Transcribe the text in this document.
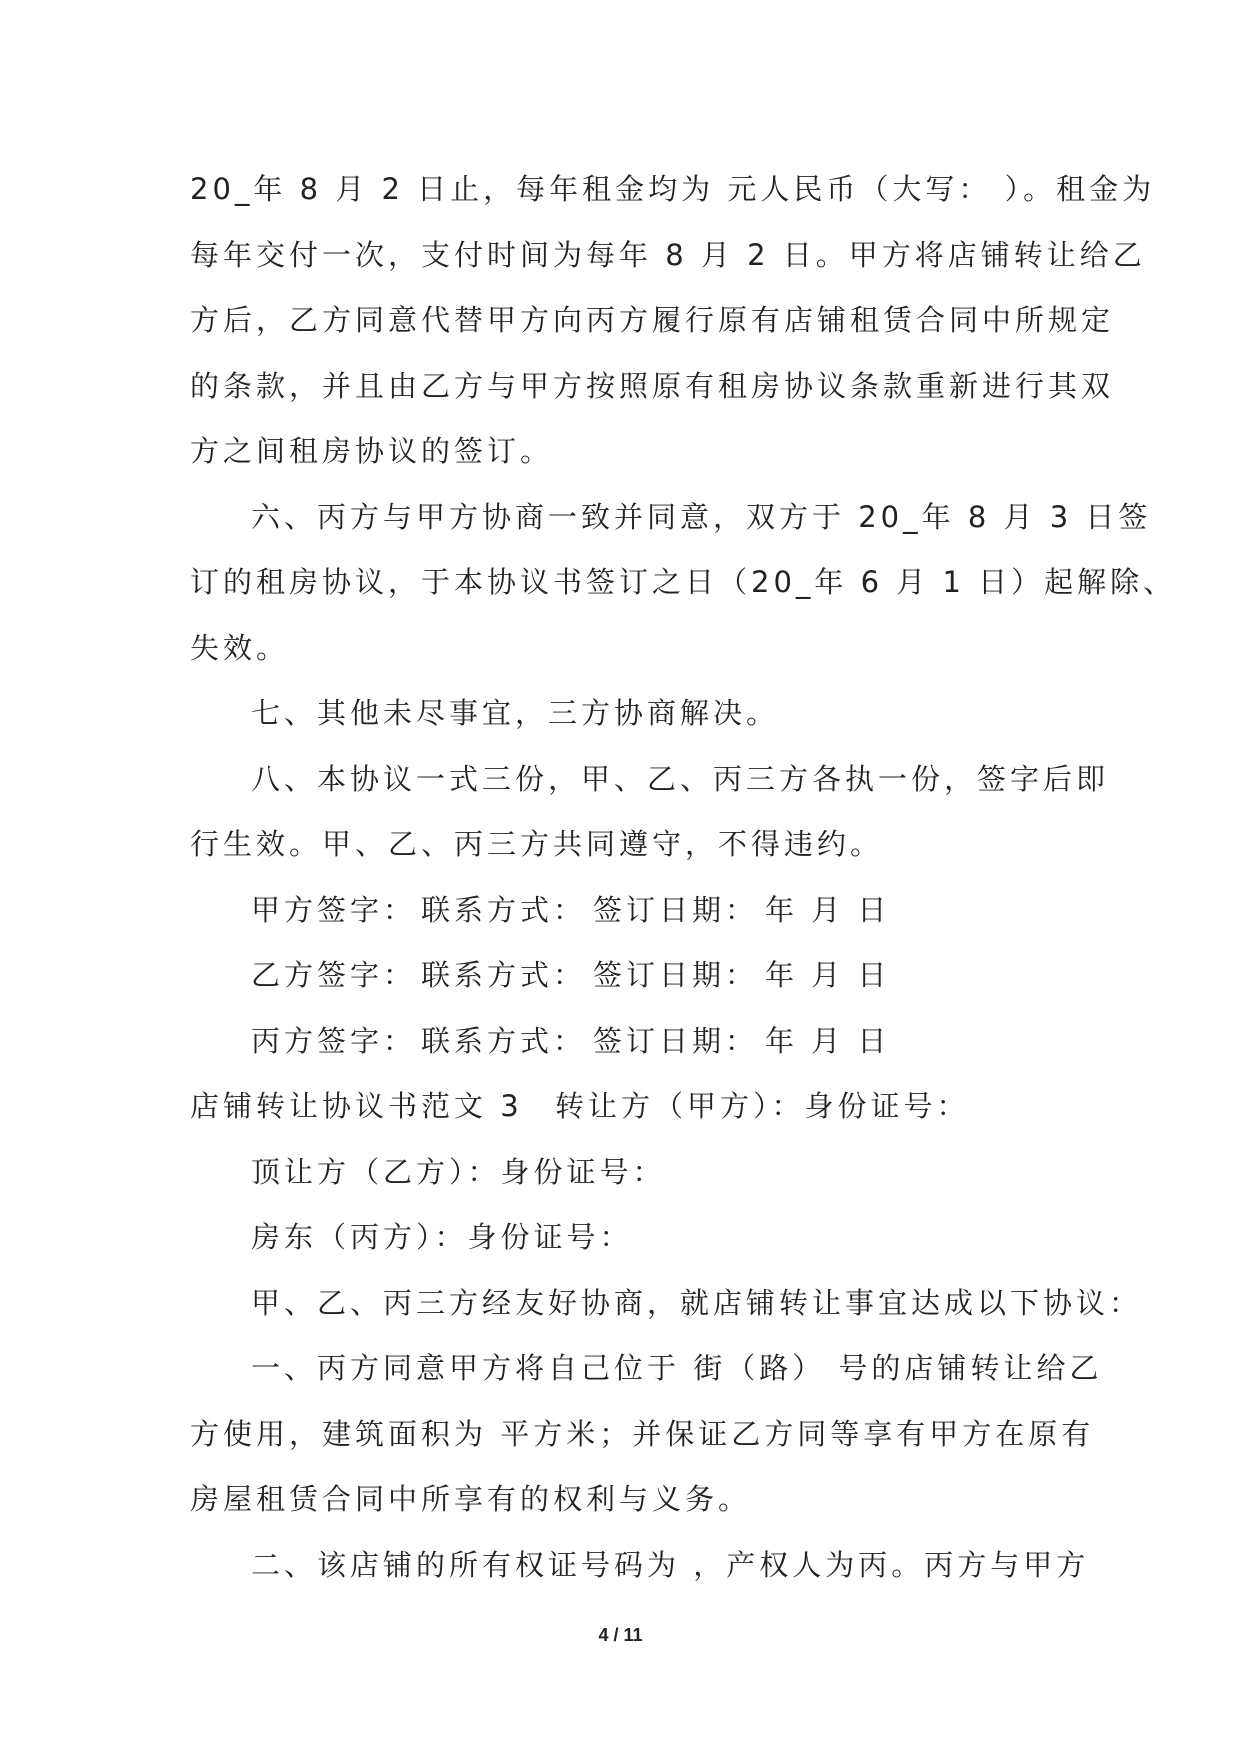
20_年 8 月 2 日止，每年租金均为 元人民币（大写： ）。租金为
每年交付一次，支付时间为每年 8 月 2 日。甲方将店铺转让给乙
方后，乙方同意代替甲方向丙方履行原有店铺租赁合同中所规定
的条款，并且由乙方与甲方按照原有租房协议条款重新进行其双
方之间租房协议的签订。
六、丙方与甲方协商一致并同意，双方于 20_年 8 月 3 日签
订的租房协议，于本协议书签订之日（20_年 6 月 1 日）起解除、
失效。
七、其他未尽事宜，三方协商解决。
八、本协议一式三份，甲、乙、丙三方各执一份，签字后即
行生效。甲、乙、丙三方共同遵守，不得违约。
甲方签字： 联系方式： 签订日期： 年 月 日
乙方签字： 联系方式： 签订日期： 年 月 日
丙方签字： 联系方式： 签订日期： 年 月 日
店铺转让协议书范文 3	转让方（甲方）：身份证号：
顶让方（乙方）：身份证号：
房东（丙方）：身份证号：
甲、乙、丙三方经友好协商，就店铺转让事宜达成以下协议：
一、丙方同意甲方将自己位于 街（路） 号的店铺转让给乙
方使用，建筑面积为 平方米；并保证乙方同等享有甲方在原有
房屋租赁合同中所享有的权利与义务。
二、该店铺的所有权证号码为 ，产权人为丙。丙方与甲方
4 / 11
